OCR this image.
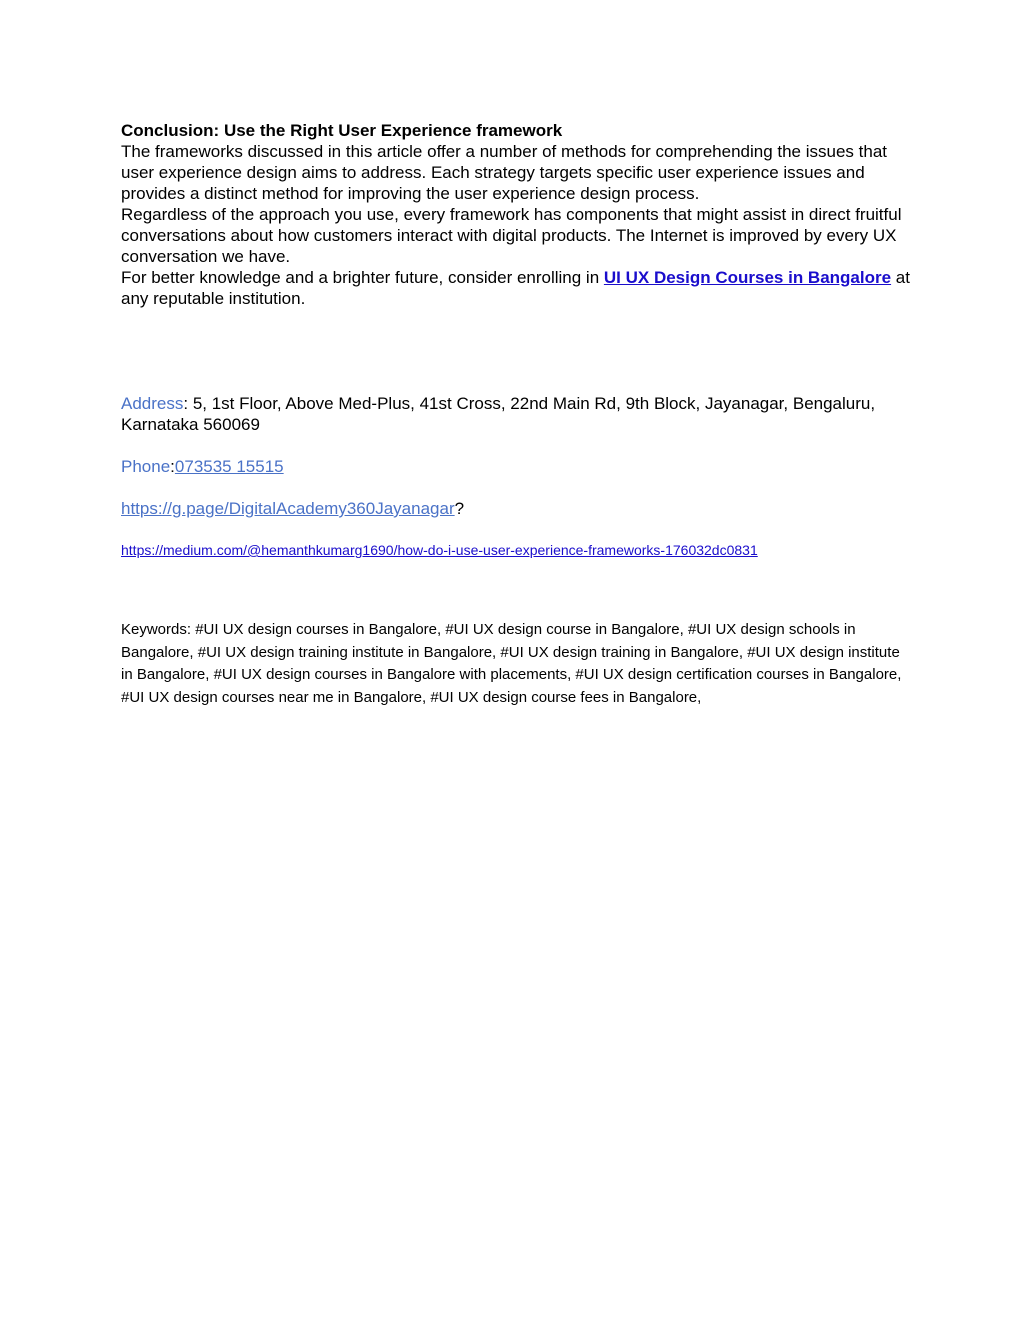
Conclusion: Use the Right User Experience framework
The frameworks discussed in this article offer a number of methods for comprehending the issues that user experience design aims to address. Each strategy targets specific user experience issues and provides a distinct method for improving the user experience design process.
Regardless of the approach you use, every framework has components that might assist in direct fruitful conversations about how customers interact with digital products. The Internet is improved by every UX conversation we have.
For better knowledge and a brighter future, consider enrolling in UI UX Design Courses in Bangalore at any reputable institution.
Address: 5, 1st Floor, Above Med-Plus, 41st Cross, 22nd Main Rd, 9th Block, Jayanagar, Bengaluru, Karnataka 560069
Phone:073535 15515
https://g.page/DigitalAcademy360Jayanagar?
https://medium.com/@hemanthkumarg1690/how-do-i-use-user-experience-frameworks-176032dc0831
Keywords: #UI UX design courses in Bangalore, #UI UX design course in Bangalore, #UI UX design schools in Bangalore, #UI UX design training institute in Bangalore, #UI UX design training in Bangalore, #UI UX design institute in Bangalore, #UI UX design courses in Bangalore with placements, #UI UX design certification courses in Bangalore, #UI UX design courses near me in Bangalore, #UI UX design course fees in Bangalore,
